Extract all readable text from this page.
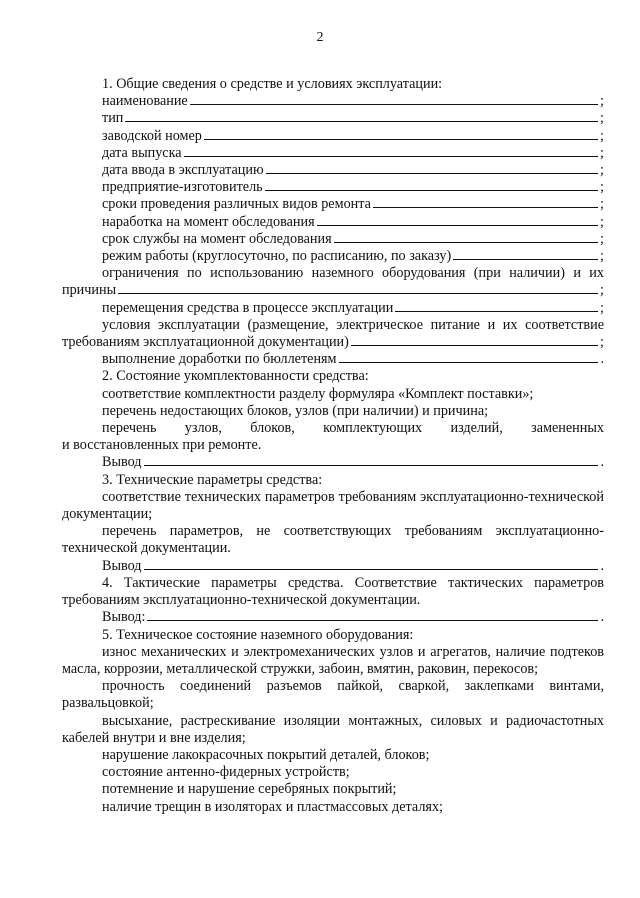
2
1. Общие сведения о средстве и условиях эксплуатации:
наименование	;
тип	;
заводской номер	;
дата выпуска	;
дата ввода в эксплуатацию	;
предприятие-изготовитель	;
сроки проведения различных видов ремонта	;
наработка на момент обследования	;
срок службы на момент обследования	;
режим работы (круглосуточно, по расписанию, по заказу)	;
ограничения по использованию наземного оборудования (при наличии) и их
причины	;
перемещения средства в процессе эксплуатации	;
условия эксплуатации (размещение, электрическое питание и их соответствие
требованиям эксплуатационной документации)	;
выполнение доработки по бюллетеням	.
2. Состояние укомплектованности средства:
соответствие комплектности разделу формуляра «Комплект поставки»;
перечень недостающих блоков, узлов (при наличии) и причина;
перечень узлов, блоков, комплектующих изделий, замененных
и восстановленных при ремонте.
Вывод	.
3. Технические параметры средства:
соответствие технических параметров требованиям эксплуатационно-технической документации;
перечень параметров, не соответствующих требованиям эксплуатационно-технической документации.
Вывод	.
4. Тактические параметры средства. Соответствие тактических параметров требованиям эксплуатационно-технической документации.
Вывод:	.
5. Техническое состояние наземного оборудования:
износ механических и электромеханических узлов и агрегатов, наличие подтеков масла, коррозии, металлической стружки, забоин, вмятин, раковин, перекосов;
прочность соединений разъемов пайкой, сваркой, заклепками винтами, развальцовкой;
высыхание, растрескивание изоляции монтажных, силовых и радиочастотных кабелей внутри и вне изделия;
нарушение лакокрасочных покрытий деталей, блоков;
состояние антенно-фидерных устройств;
потемнение и нарушение серебряных покрытий;
наличие трещин в изоляторах и пластмассовых деталях;
